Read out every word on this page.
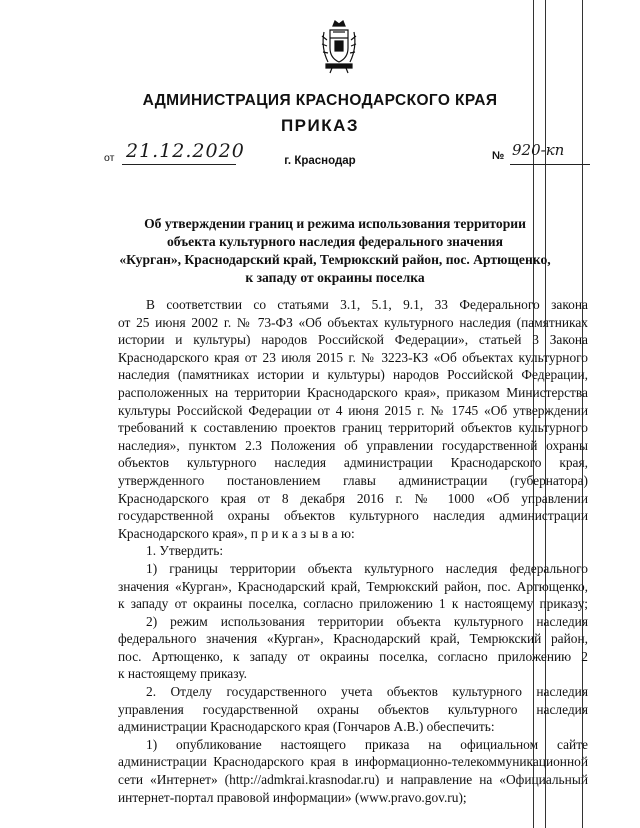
АДМИНИСТРАЦИЯ КРАСНОДАРСКОГО КРАЯ
ПРИКАЗ
от 21.12.2020	№ 920-кп
г. Краснодар
Об утверждении границ и режима использования территории
объекта культурного наследия федерального значения
«Курган», Краснодарский край, Темрюкский район, пос. Артющенко,
к западу от окраины поселка
В соответствии со статьями 3.1, 5.1, 9.1, 33 Федерального закона
от 25 июня 2002 г. № 73-ФЗ «Об объектах культурного наследия (памятниках
истории и культуры) народов Российской Федерации», статьей 3 Закона
Краснодарского края от 23 июля 2015 г. № 3223-КЗ «Об объектах культурного
наследия (памятниках истории и культуры) народов Российской Федерации,
расположенных на территории Краснодарского края», приказом Министерства
культуры Российской Федерации от 4 июня 2015 г. № 1745 «Об утверждении
требований к составлению проектов границ территорий объектов культурного
наследия», пунктом 2.3 Положения об управлении государственной охраны
объектов культурного наследия администрации Краснодарского края,
утвержденного постановлением главы администрации (губернатора)
Краснодарского края от 8 декабря 2016 г. № 1000 «Об управлении
государственной охраны объектов культурного наследия администрации
Краснодарского края», п р и к а з ы в а ю:
1. Утвердить:
1) границы территории объекта культурного наследия федерального
значения «Курган», Краснодарский край, Темрюкский район, пос. Артющенко,
к западу от окраины поселка, согласно приложению 1 к настоящему приказу;
2) режим использования территории объекта культурного наследия
федерального значения «Курган», Краснодарский край, Темрюкский район,
пос. Артющенко, к западу от окраины поселка, согласно приложению 2
к настоящему приказу.
2. Отделу государственного учета объектов культурного наследия
управления государственной охраны объектов культурного наследия
администрации Краснодарского края (Гончаров А.В.) обеспечить:
1) опубликование настоящего приказа на официальном сайте
администрации Краснодарского края в информационно-телекоммуникационной
сети «Интернет» (http://admkrai.krasnodar.ru) и направление на «Официальный
интернет-портал правовой информации» (www.pravo.gov.ru);
